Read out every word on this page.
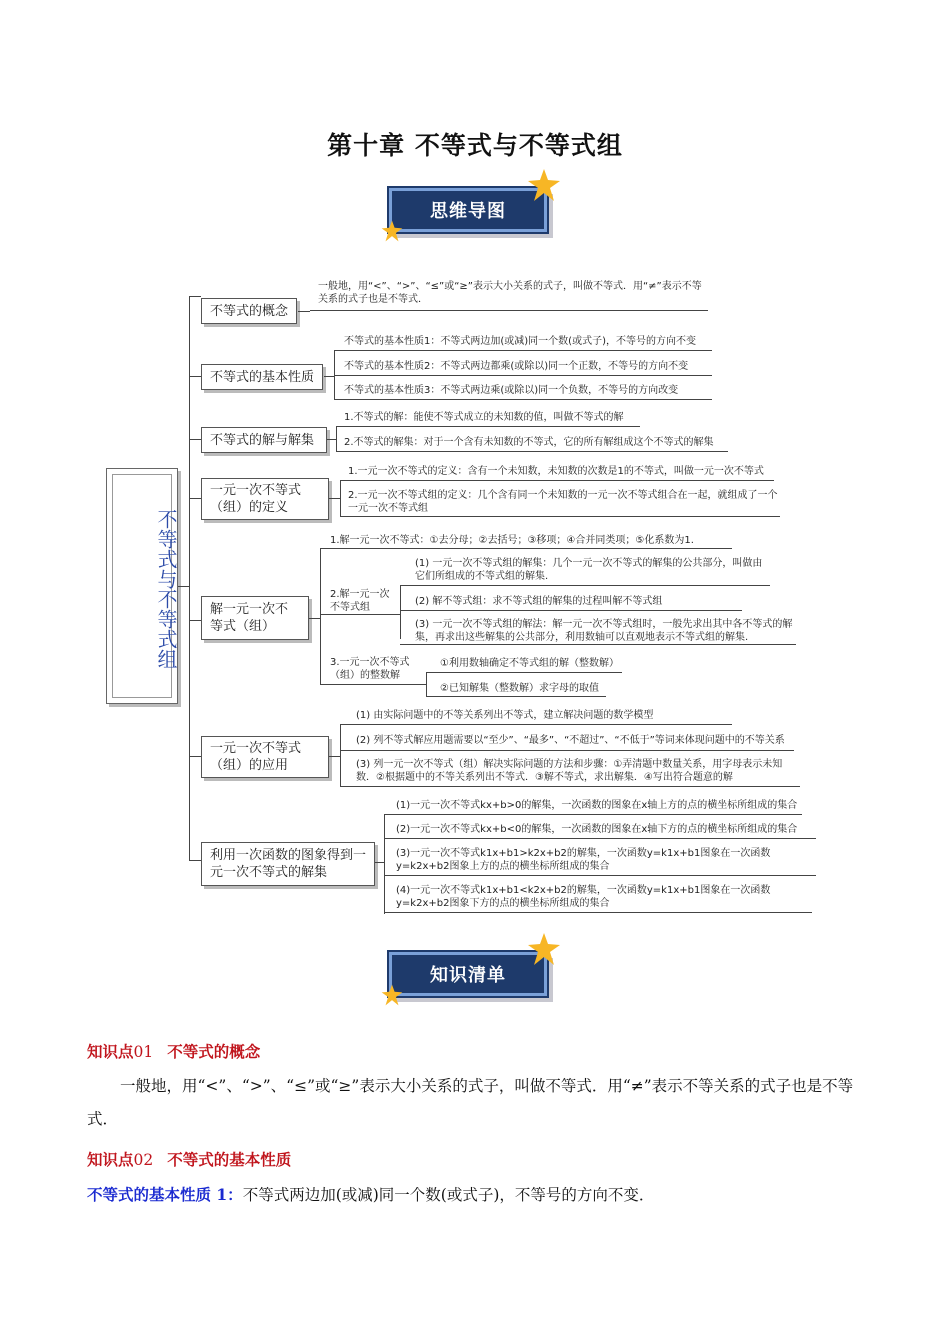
第十章 不等式与不等式组
思维导图
不等式与不等式组
不等式的概念
一般地，用“<”、“>”、“≤”或“≥”表示大小关系的式子，叫做不等式．用“≠”表示不等关系的式子也是不等式．
不等式的基本性质
不等式的基本性质1：不等式两边加(或减)同一个数(或式子)，不等号的方向不变
不等式的基本性质2：不等式两边都乘(或除以)同一个正数，不等号的方向不变
不等式的基本性质3：不等式两边乘(或除以)同一个负数，不等号的方向改变
不等式的解与解集
1.不等式的解：能使不等式成立的未知数的值，叫做不等式的解
2.不等式的解集：对于一个含有未知数的不等式，它的所有解组成这个不等式的解集
一元一次不等式（组）的定义
1.一元一次不等式的定义：含有一个未知数，未知数的次数是1的不等式，叫做一元一次不等式
2.一元一次不等式组的定义：几个含有同一个未知数的一元一次不等式组合在一起，就组成了一个一元一次不等式组
解一元一次不等式（组）
1.解一元一次不等式：①去分母；②去括号；③移项；④合并同类项；⑤化系数为1.
2.解一元一次不等式组
(1) 一元一次不等式组的解集：几个一元一次不等式的解集的公共部分，叫做由它们所组成的不等式组的解集.
(2) 解不等式组：求不等式组的解集的过程叫解不等式组
(3) 一元一次不等式组的解法：解一元一次不等式组时，一般先求出其中各不等式的解集，再求出这些解集的公共部分，利用数轴可以直观地表示不等式组的解集.
3.一元一次不等式（组）的整数解
①利用数轴确定不等式组的解（整数解）
②已知解集（整数解）求字母的取值
一元一次不等式（组）的应用
(1) 由实际问题中的不等关系列出不等式，建立解决问题的数学模型
(2) 列不等式解应用题需要以“至少”、“最多”、“不超过”、“不低于”等词来体现问题中的不等关系
(3) 列一元一次不等式（组）解决实际问题的方法和步骤：①弄清题中数量关系，用字母表示未知数．②根据题中的不等关系列出不等式．③解不等式，求出解集．④写出符合题意的解
利用一次函数的图象得到一元一次不等式的解集
(1)一元一次不等式kx+b>0的解集，一次函数的图象在x轴上方的点的横坐标所组成的集合
(2)一元一次不等式kx+b<0的解集，一次函数的图象在x轴下方的点的横坐标所组成的集合
(3)一元一次不等式k1x+b1>k2x+b2的解集，一次函数y=k1x+b1图象在一次函数y=k2x+b2图象上方的点的横坐标所组成的集合
(4)一元一次不等式k1x+b1<k2x+b2的解集，一次函数y=k1x+b1图象在一次函数y=k2x+b2图象下方的点的横坐标所组成的集合
知识清单
知识点01 不等式的概念
一般地，用“<”、“>”、“≤”或“≥”表示大小关系的式子，叫做不等式．用“≠”表示不等关系的式子也是不等式．
知识点02 不等式的基本性质
不等式的基本性质 1：不等式两边加(或减)同一个数(或式子)，不等号的方向不变．
